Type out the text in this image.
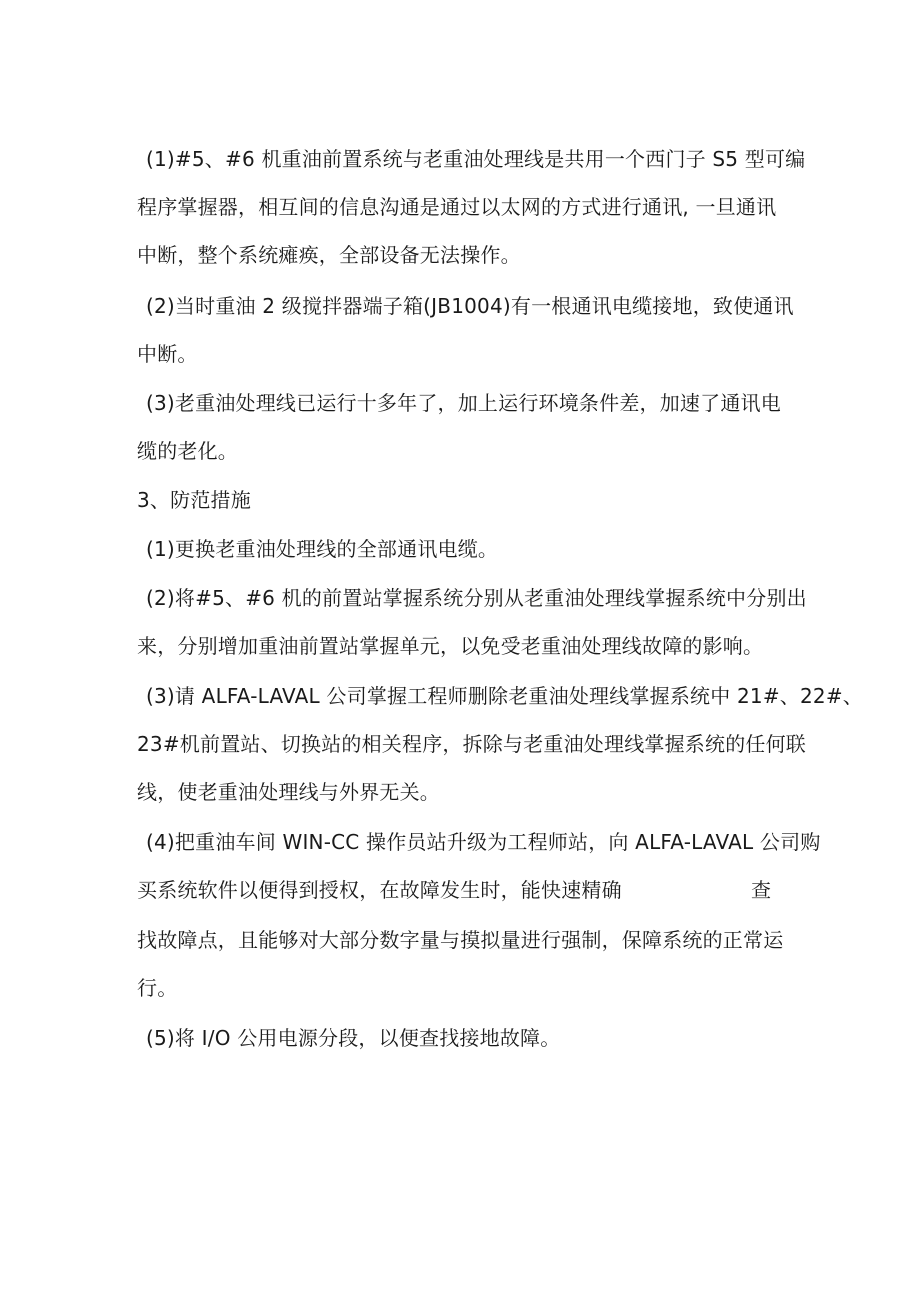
(1)#5、#6 机重油前置系统与老重油处理线是共用一个西门子 S5 型可编
程序掌握器，相互间的信息沟通是通过以太网的方式进行通讯, 一旦通讯
中断，整个系统瘫痪，全部设备无法操作。
(2)当时重油 2 级搅拌器端子箱(JB1004)有一根通讯电缆接地，致使通讯
中断。
(3)老重油处理线已运行十多年了，加上运行环境条件差，加速了通讯电
缆的老化。
3、防范措施
(1)更换老重油处理线的全部通讯电缆。
(2)将#5、#6 机的前置站掌握系统分别从老重油处理线掌握系统中分别出
来，分别增加重油前置站掌握单元，以免受老重油处理线故障的影响。
(3)请 ALFA-LAVAL 公司掌握工程师删除老重油处理线掌握系统中 21#、22#、
23#机前置站、切换站的相关程序，拆除与老重油处理线掌握系统的任何联
线，使老重油处理线与外界无关。
(4)把重油车间 WIN-CC 操作员站升级为工程师站，向 ALFA-LAVAL 公司购
买系统软件以便得到授权，在故障发生时，能快速精确	查
找故障点，且能够对大部分数字量与摸拟量进行强制，保障系统的正常运
行。
(5)将 I/O 公用电源分段，以便查找接地故障。
